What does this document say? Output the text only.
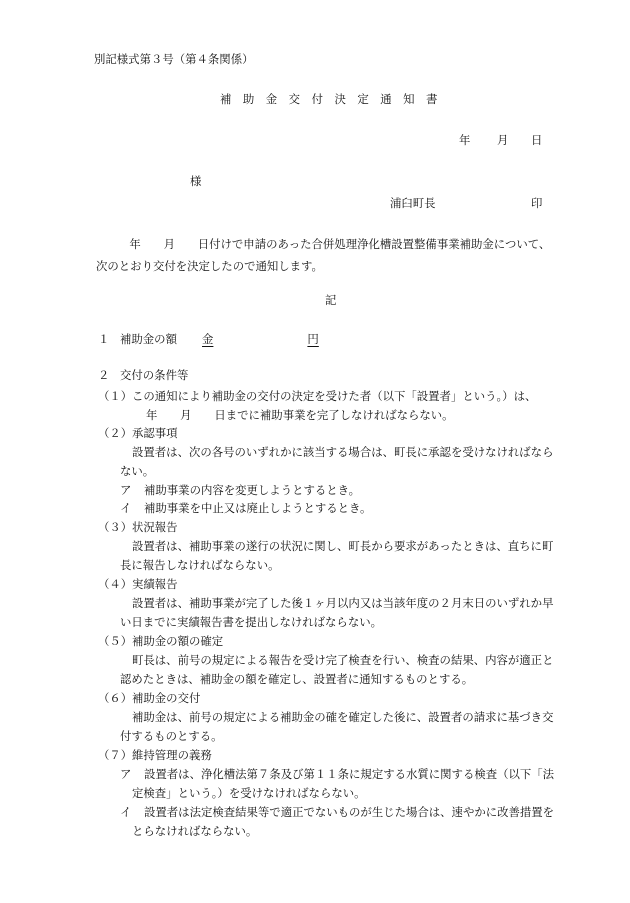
別記様式第３号（第４条関係）
補助金交付決定通知書
年 月 日
様
浦臼町長	印
　年　　月　　日付けで申請のあった合併処理浄化槽設置整備事業補助金について、
次のとおり交付を決定したので通知します。
記
１ 補助金の額 金	円
２ 交付の条件等
（１） この通知により補助金の交付の決定を受けた者（以下「設置者」という。）は、
年　　月　　日までに補助事業を完了しなければならない。
（２） 承認事項
設置者は、次の各号のいずれかに該当する場合は、町長に承認を受けなければなら
ない。
ア 補助事業の内容を変更しようとするとき。
イ 補助事業を中止又は廃止しようとするとき。
（３） 状況報告
設置者は、補助事業の遂行の状況に関し、町長から要求があったときは、直ちに町
長に報告しなければならない。
（４） 実績報告
設置者は、補助事業が完了した後１ヶ月以内又は当該年度の２月末日のいずれか早
い日までに実績報告書を提出しなければならない。
（５） 補助金の額の確定
町長は、前号の規定による報告を受け完了検査を行い、検査の結果、内容が適正と
認めたときは、補助金の額を確定し、設置者に通知するものとする。
（６） 補助金の交付
補助金は、前号の規定による補助金の確を確定した後に、設置者の請求に基づき交
付するものとする。
（７） 維持管理の義務
ア 設置者は、浄化槽法第７条及び第１１条に規定する水質に関する検査（以下「法
定検査」という。）を受けなければならない。
イ 設置者は法定検査結果等で適正でないものが生じた場合は、速やかに改善措置を
とらなければならない。
